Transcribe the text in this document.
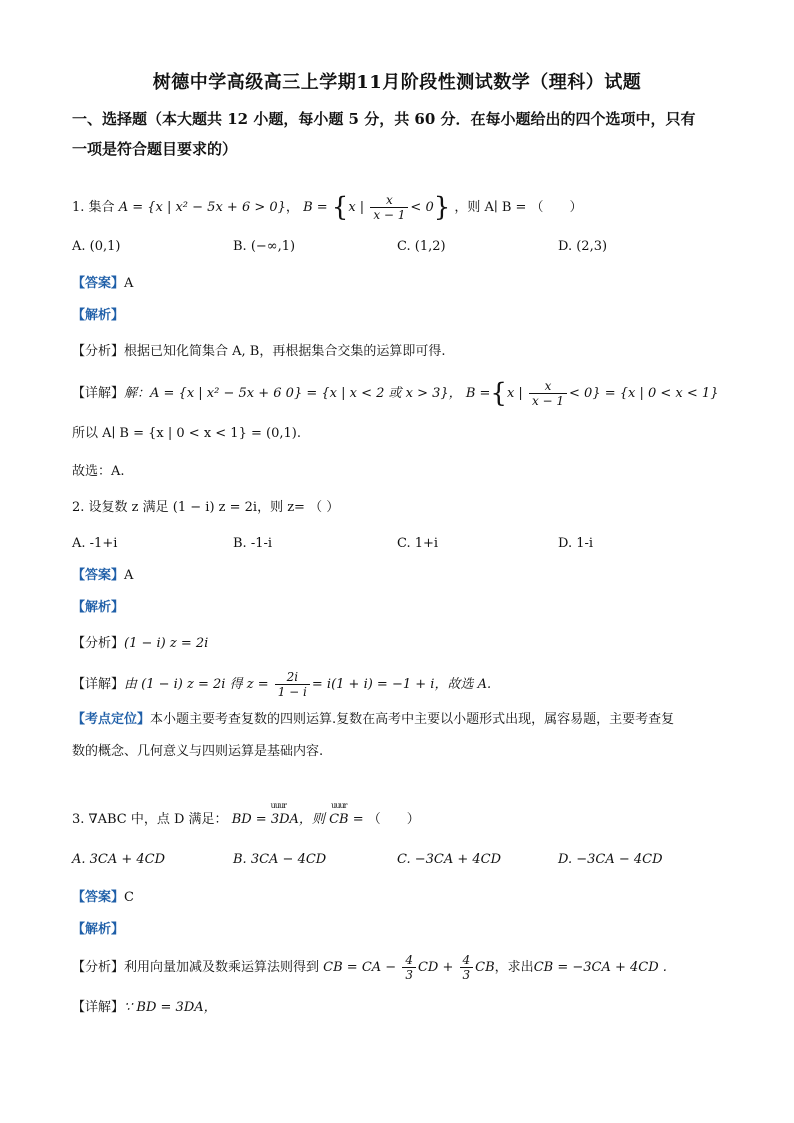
树德中学高级高三上学期11月阶段性测试数学（理科）试题
一、选择题（本大题共 12 小题，每小题 5 分，共 60 分．在每小题给出的四个选项中，只有
一项是符合题目要求的）
1. 集合 A = {x | x² − 5x + 6 > 0}， B = {x | $\frac{x}{x - 1} < 0$} ，则 A∣ B = （　　）
A. (0,1)	B. (−∞,1)	C. (1,2)	D. (2,3)
【答案】A
【解析】
【分析】根据已知化简集合 A, B，再根据集合交集的运算即可得.
【详解】解：A = {x | x² − 5x + 6 0} = {x | x < 2 或 x > 3}， B ={x | $\frac{x}{x - 1} < 0\} = \{x$ | 0 < x < 1}
所以 A∣ B = {x | 0 < x < 1} = (0,1).
故选：A.
2. 设复数 z 满足 (1 − i) z = 2i，则 z= （ ）
A. -1+i	B. -1-i	C. 1+i	D. 1-i
【答案】A
【解析】
【分析】(1 − i) z = 2i
【详解】由 (1 − i) z = 2i 得 $z = \frac{2i}{1 - i} = i(1 + i) = -1 + i$，故选 A.
【考点定位】本小题主要考查复数的四则运算.复数在高考中主要以小题形式出现，属容易题，主要考查复
数的概念、几何意义与四则运算是基础内容.
3. ∇ABC 中，点 D 满足：
uuur
BD = 3DA，则
uuur
CB = （　　）
A. 3CA + 4CD	B. 3CA − 4CD	C. −3CA + 4CD	D. −3CA − 4CD
【答案】C
【解析】
【分析】利用向量加减及数乘运算法则得到 CB = CA − $\frac{4}{3}$ CD + $\frac{4}{3}$ CB，求出CB = −3CA + 4CD .
【详解】∵ BD = 3DA，
